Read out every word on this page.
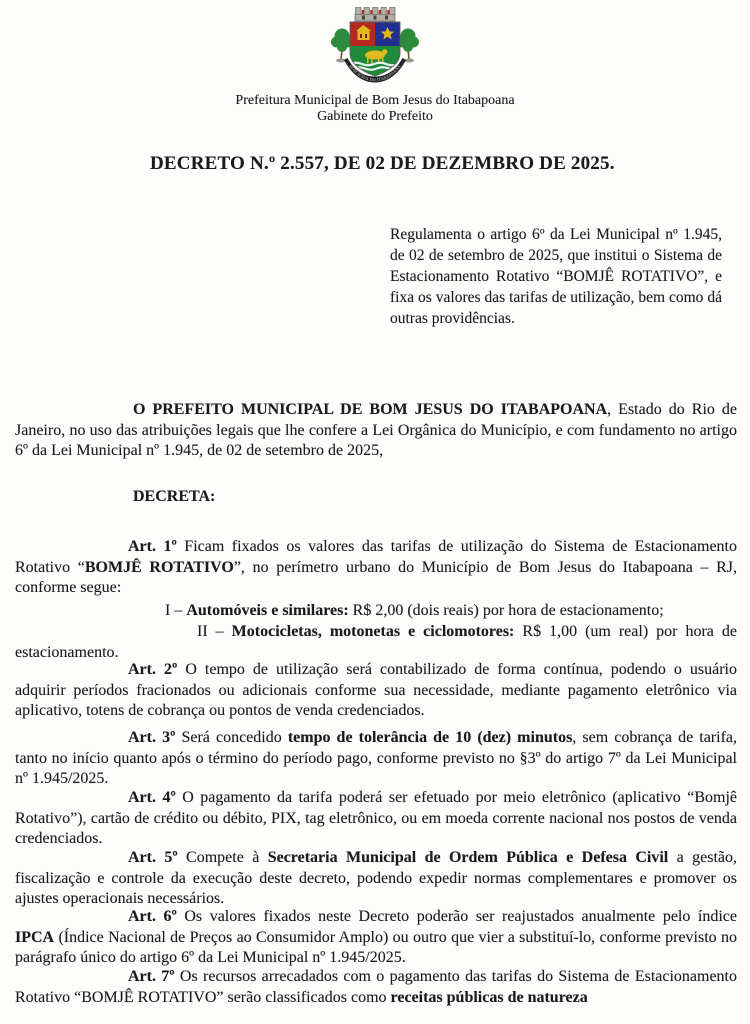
BOM JESUS DO ITABAPOANA
Prefeitura Municipal de Bom Jesus do Itabapoana
Gabinete do Prefeito
DECRETO N.º 2.557, DE 02 DE DEZEMBRO DE 2025.
Regulamenta o artigo 6º da Lei Municipal nº 1.945, de 02 de setembro de 2025, que institui o Sistema de Estacionamento Rotativo “BOMJÊ ROTATIVO”, e fixa os valores das tarifas de utilização, bem como dá outras providências.
O PREFEITO MUNICIPAL DE BOM JESUS DO ITABAPOANA, Estado do Rio de Janeiro, no uso das atribuições legais que lhe confere a Lei Orgânica do Município, e com fundamento no artigo 6º da Lei Municipal nº 1.945, de 02 de setembro de 2025,
DECRETA:
Art. 1º Ficam fixados os valores das tarifas de utilização do Sistema de Estacionamento Rotativo “BOMJÊ ROTATIVO”, no perímetro urbano do Município de Bom Jesus do Itabapoana – RJ, conforme segue:
I – Automóveis e similares: R$ 2,00 (dois reais) por hora de estacionamento;
II – Motocicletas, motonetas e ciclomotores: R$ 1,00 (um real) por hora de estacionamento.
Art. 2º O tempo de utilização será contabilizado de forma contínua, podendo o usuário adquirir períodos fracionados ou adicionais conforme sua necessidade, mediante pagamento eletrônico via aplicativo, totens de cobrança ou pontos de venda credenciados.
Art. 3º Será concedido tempo de tolerância de 10 (dez) minutos, sem cobrança de tarifa, tanto no início quanto após o término do período pago, conforme previsto no §3º do artigo 7º da Lei Municipal nº 1.945/2025.
Art. 4º O pagamento da tarifa poderá ser efetuado por meio eletrônico (aplicativo “Bomjê Rotativo”), cartão de crédito ou débito, PIX, tag eletrônico, ou em moeda corrente nacional nos postos de venda credenciados.
Art. 5º Compete à Secretaria Municipal de Ordem Pública e Defesa Civil a gestão, fiscalização e controle da execução deste decreto, podendo expedir normas complementares e promover os ajustes operacionais necessários.
Art. 6º Os valores fixados neste Decreto poderão ser reajustados anualmente pelo índice IPCA (Índice Nacional de Preços ao Consumidor Amplo) ou outro que vier a substituí-lo, conforme previsto no parágrafo único do artigo 6º da Lei Municipal nº 1.945/2025.
Art. 7º Os recursos arrecadados com o pagamento das tarifas do Sistema de Estacionamento Rotativo “BOMJÊ ROTATIVO” serão classificados como receitas públicas de natureza
